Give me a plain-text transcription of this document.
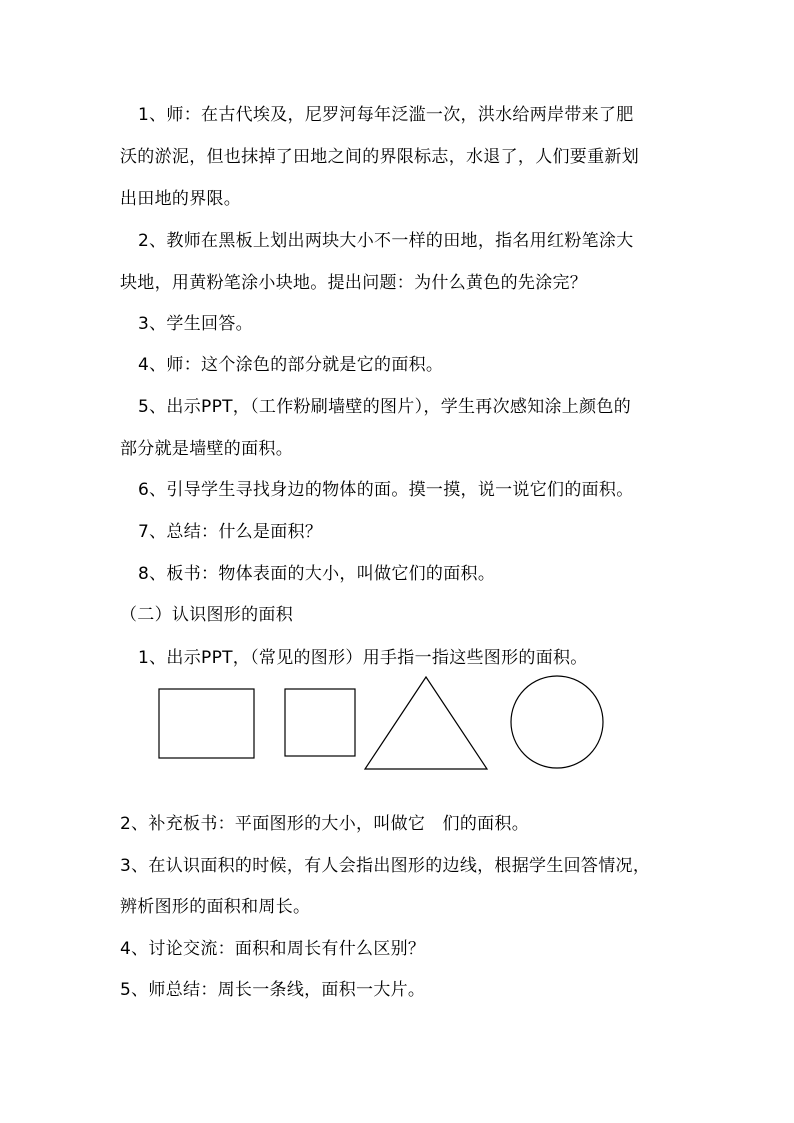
1、师：在古代埃及，尼罗河每年泛滥一次，洪水给两岸带来了肥
沃的淤泥，但也抹掉了田地之间的界限标志，水退了，人们要重新划
出田地的界限。
2、教师在黑板上划出两块大小不一样的田地，指名用红粉笔涂大
块地，用黄粉笔涂小块地。提出问题：为什么黄色的先涂完？
3、学生回答。
4、师：这个涂色的部分就是它的面积。
5、出示PPT，（工作粉刷墙壁的图片），学生再次感知涂上颜色的
部分就是墙壁的面积。
6、引导学生寻找身边的物体的面。摸一摸，说一说它们的面积。
7、总结：什么是面积？
8、板书：物体表面的大小，叫做它们的面积。
（二）认识图形的面积
1、出示PPT，（常见的图形）用手指一指这些图形的面积。
2、补充板书：平面图形的大小，叫做它　们的面积。
3、在认识面积的时候，有人会指出图形的边线，根据学生回答情况，
辨析图形的面积和周长。
4、讨论交流：面积和周长有什么区别？
5、师总结：周长一条线，面积一大片。
